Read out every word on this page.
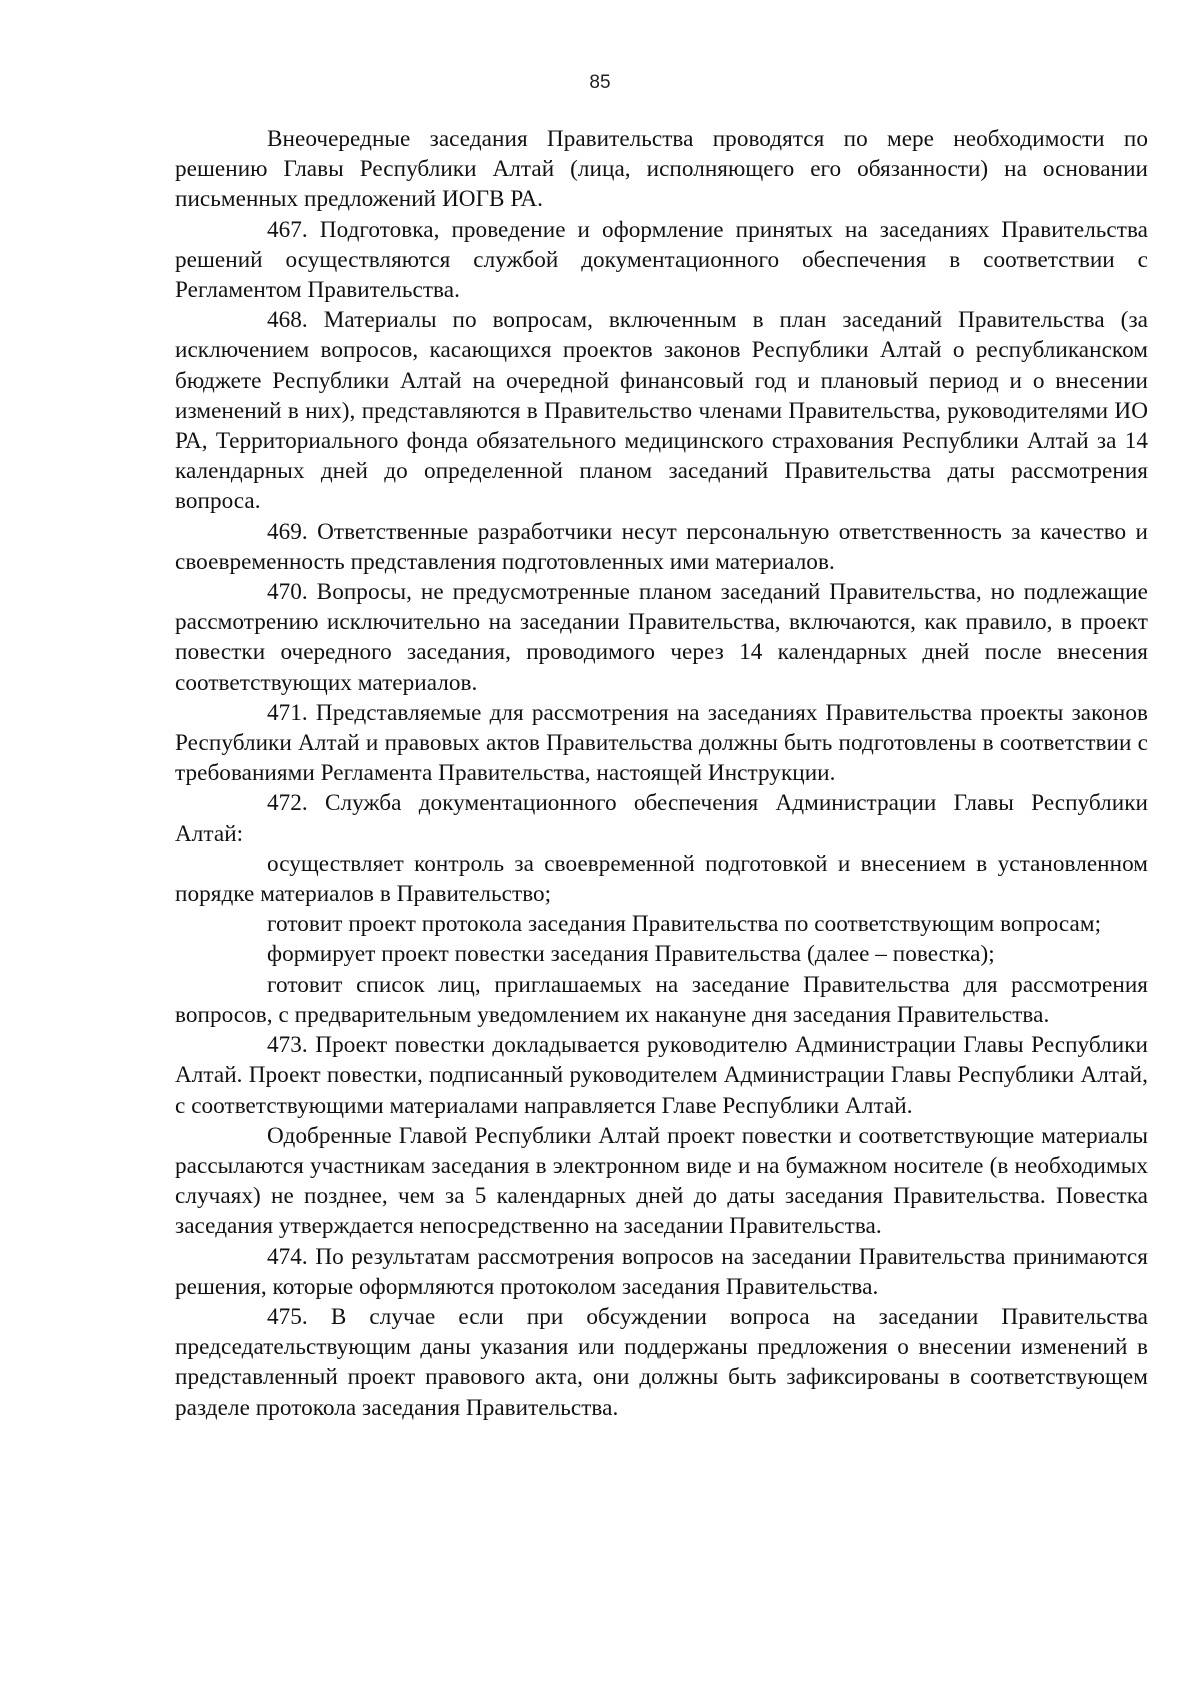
85

Внеочередные заседания Правительства проводятся по мере необходимости по решению Главы Республики Алтай (лица, исполняющего его обязанности) на основании письменных предложений ИОГВ РА.

467. Подготовка, проведение и оформление принятых на заседаниях Правительства решений осуществляются службой документационного обеспечения в соответствии с Регламентом Правительства.

468. Материалы по вопросам, включенным в план заседаний Правительства (за исключением вопросов, касающихся проектов законов Республики Алтай о республиканском бюджете Республики Алтай на очередной финансовый год и плановый период и о внесении изменений в них), представляются в Правительство членами Правительства, руководителями ИО РА, Территориального фонда обязательного медицинского страхования Республики Алтай за 14 календарных дней до определенной планом заседаний Правительства даты рассмотрения вопроса.

469. Ответственные разработчики несут персональную ответственность за качество и своевременность представления подготовленных ими материалов.

470. Вопросы, не предусмотренные планом заседаний Правительства, но подлежащие рассмотрению исключительно на заседании Правительства, включаются, как правило, в проект повестки очередного заседания, проводимого через 14 календарных дней после внесения соответствующих материалов.

471. Представляемые для рассмотрения на заседаниях Правительства проекты законов Республики Алтай и правовых актов Правительства должны быть подготовлены в соответствии с требованиями Регламента Правительства, настоящей Инструкции.

472. Служба документационного обеспечения Администрации Главы Республики Алтай:

осуществляет контроль за своевременной подготовкой и внесением в установленном порядке материалов в Правительство;

готовит проект протокола заседания Правительства по соответствующим вопросам;

формирует проект повестки заседания Правительства (далее – повестка);

готовит список лиц, приглашаемых на заседание Правительства для рассмотрения вопросов, с предварительным уведомлением их накануне дня заседания Правительства.

473. Проект повестки докладывается руководителю Администрации Главы Республики Алтай. Проект повестки, подписанный руководителем Администрации Главы Республики Алтай, с соответствующими материалами направляется Главе Республики Алтай.

Одобренные Главой Республики Алтай проект повестки и соответствующие материалы рассылаются участникам заседания в электронном виде и на бумажном носителе (в необходимых случаях) не позднее, чем за 5 календарных дней до даты заседания Правительства. Повестка заседания утверждается непосредственно на заседании Правительства.

474. По результатам рассмотрения вопросов на заседании Правительства принимаются решения, которые оформляются протоколом заседания Правительства.

475. В случае если при обсуждении вопроса на заседании Правительства председательствующим даны указания или поддержаны предложения о внесении изменений в представленный проект правового акта, они должны быть зафиксированы в соответствующем разделе протокола заседания Правительства.
